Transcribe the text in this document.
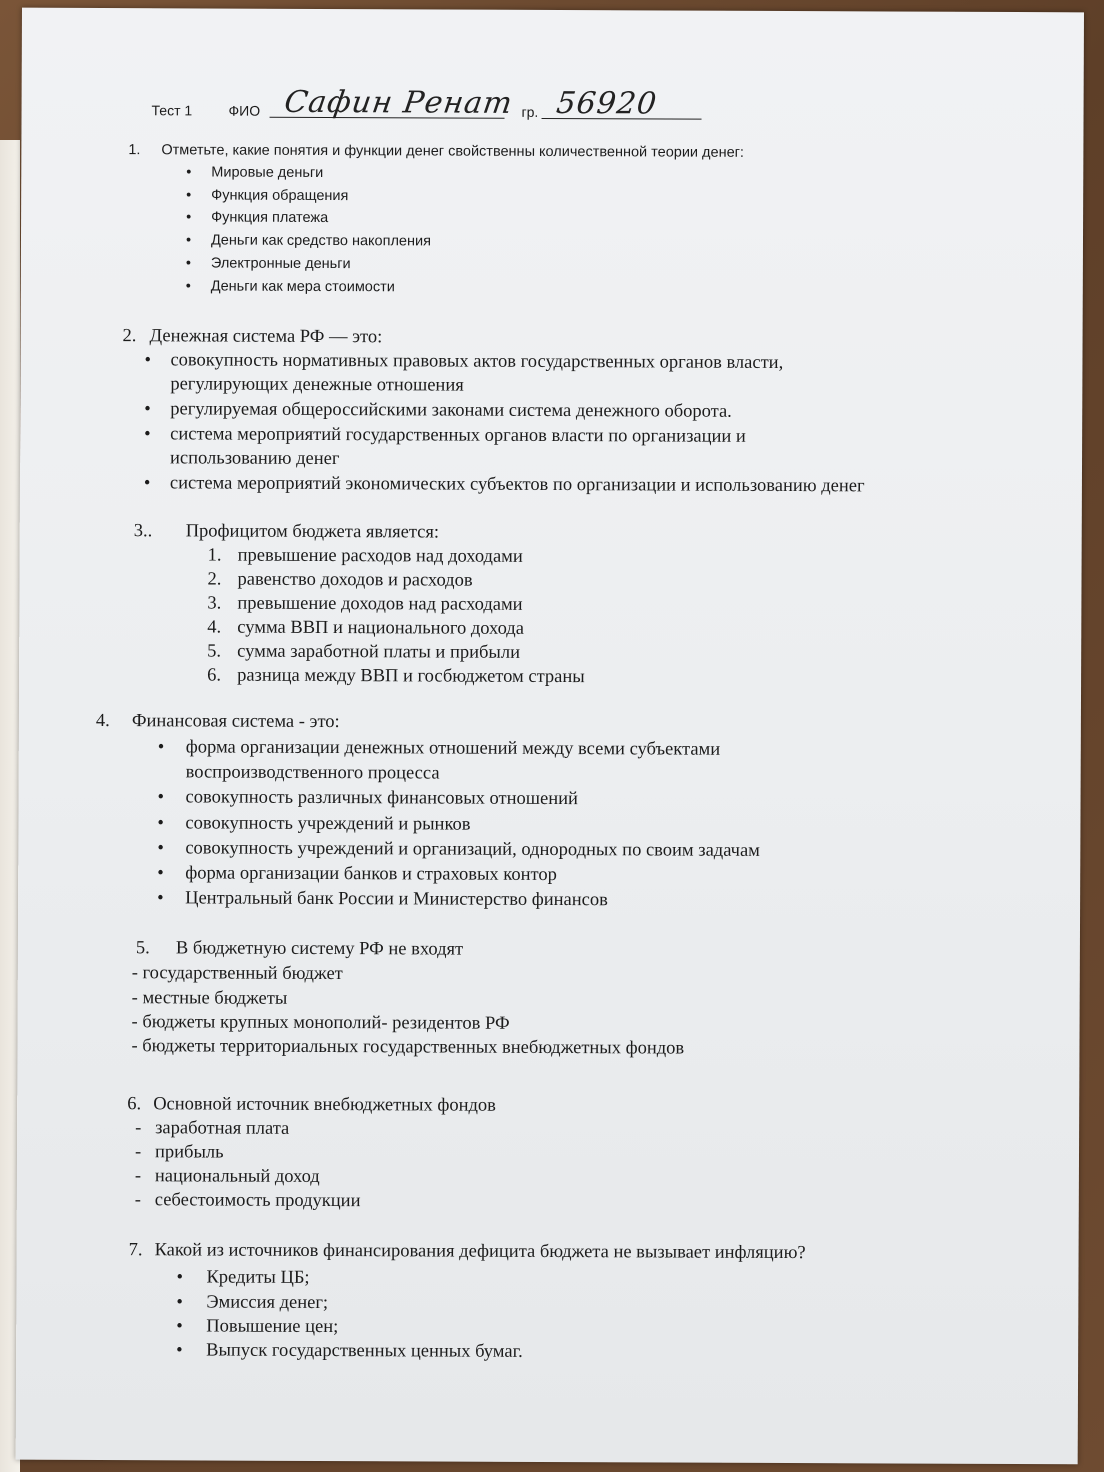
Тест 1	ФИО Сафин Ренат гр. 56920
1. Отметьте, какие понятия и функции денег свойственны количественной теории денег:
• Мировые деньги
• Функция обращения
• Функция платежа
• Деньги как средство накопления
• Электронные деньги
• Деньги как мера стоимости
2. Денежная система РФ — это:
• совокупность нормативных правовых актов государственных органов власти,
регулирующих денежные отношения
• регулируемая общероссийскими законами система денежного оборота.
• система мероприятий государственных органов власти по организации и
использованию денег
• система мероприятий экономических субъектов по организации и использованию денег
3.. Профицитом бюджета является:
1. превышение расходов над доходами
2. равенство доходов и расходов
3. превышение доходов над расходами
4. сумма ВВП и национального дохода
5. сумма заработной платы и прибыли
6. разница между ВВП и госбюджетом страны
4. Финансовая система - это:
• форма организации денежных отношений между всеми субъектами
воспроизводственного процесса
• совокупность различных финансовых отношений
• совокупность учреждений и рынков
• совокупность учреждений и организаций, однородных по своим задачам
• форма организации банков и страховых контор
• Центральный банк России и Министерство финансов
5. В бюджетную систему РФ не входят
- государственный бюджет
- местные бюджеты
- бюджеты крупных монополий- резидентов РФ
- бюджеты территориальных государственных внебюджетных фондов
6. Основной источник внебюджетных фондов
- заработная плата
- прибыль
- национальный доход
- себестоимость продукции
7. Какой из источников финансирования дефицита бюджета не вызывает инфляцию?
• Кредиты ЦБ;
• Эмиссия денег;
• Повышение цен;
• Выпуск государственных ценных бумаг.
